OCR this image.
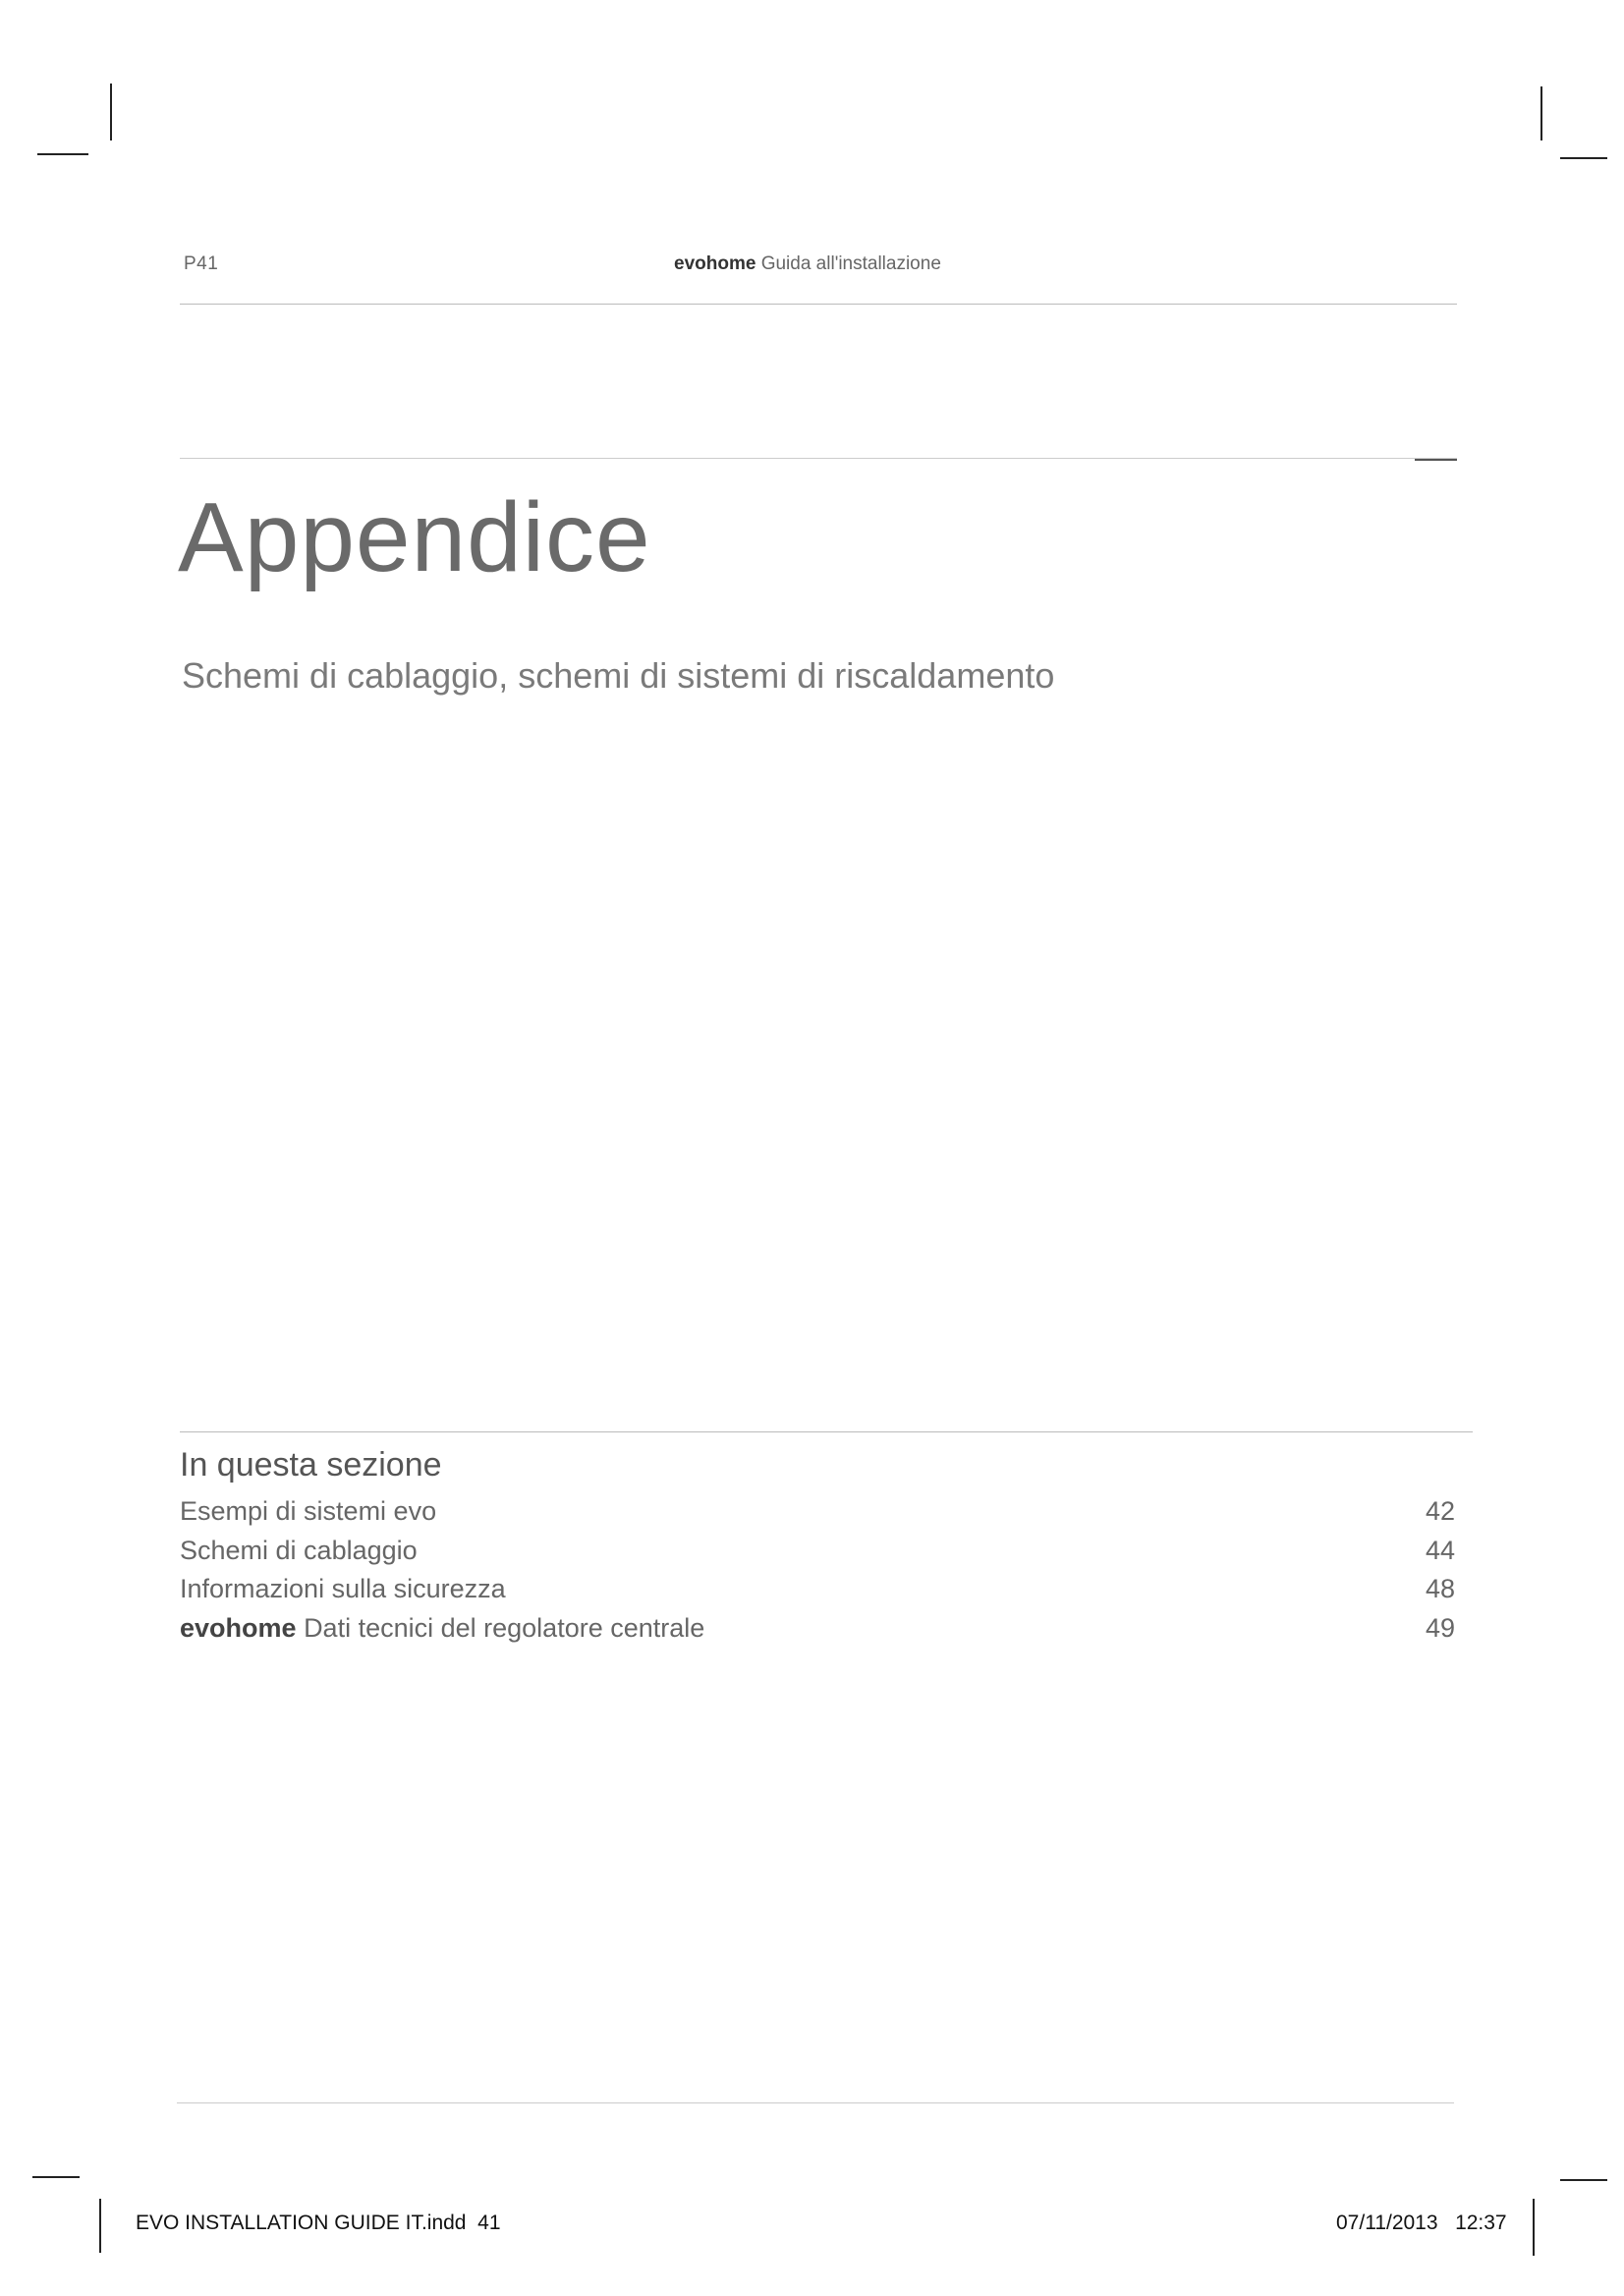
P41	evohome Guida all'installazione
Appendice
Schemi di cablaggio, schemi di sistemi di riscaldamento
In questa sezione
Esempi di sistemi evo	42
Schemi di cablaggio	44
Informazioni sulla sicurezza	48
evohome Dati tecnici del regolatore centrale	49
EVO INSTALLATION GUIDE IT.indd 41	07/11/2013 12:37
